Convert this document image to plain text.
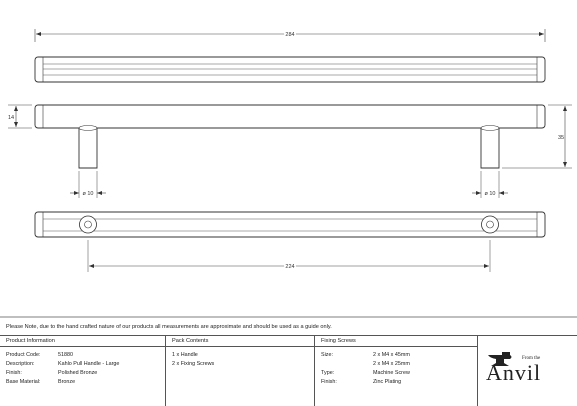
284
14
35
ø 10	ø 10
224
Please Note, due to the hand crafted nature of our products all measurements are approximate and should be used as a guide only.
Product Information
Product Code:	51880
Description:	Kahlo Pull Handle - Large
Finish:	Polished Bronze
Base Material:	Bronze
Pack Contents
1 x Handle
2 x Fixing Screws
Fixing Screws
Size:	2 x M4 x 45mm
2 x M4 x 25mm
Type:	Machine Screw
Finish:	Zinc Plating
From the
Anvil
